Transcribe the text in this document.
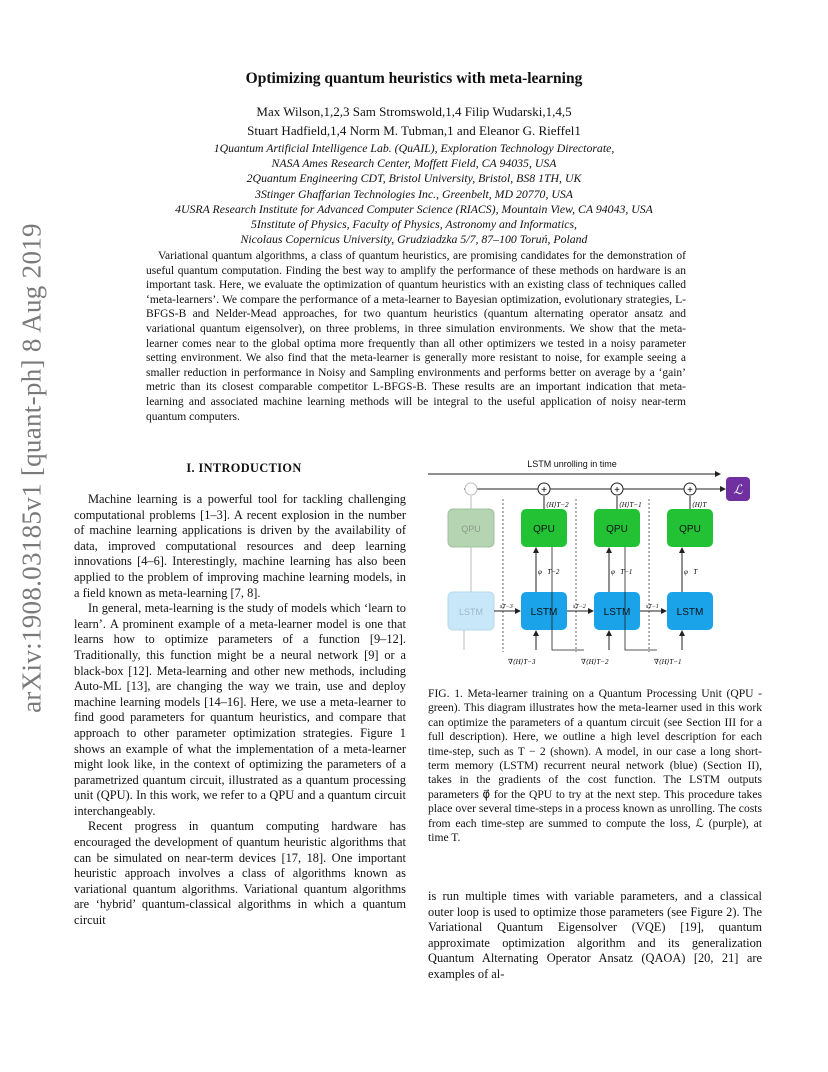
arXiv:1908.03185v1 [quant-ph] 8 Aug 2019
Optimizing quantum heuristics with meta-learning
Max Wilson,1,2,3 Sam Stromswold,1,4 Filip Wudarski,1,4,5
Stuart Hadfield,1,4 Norm M. Tubman,1 and Eleanor G. Rieffel1
1Quantum Artificial Intelligence Lab. (QuAIL), Exploration Technology Directorate,
NASA Ames Research Center, Moffett Field, CA 94035, USA
2Quantum Engineering CDT, Bristol University, Bristol, BS8 1TH, UK
3Stinger Ghaffarian Technologies Inc., Greenbelt, MD 20770, USA
4USRA Research Institute for Advanced Computer Science (RIACS), Mountain View, CA 94043, USA
5Institute of Physics, Faculty of Physics, Astronomy and Informatics,
Nicolaus Copernicus University, Grudziadzka 5/7, 87–100 Toruń, Poland
Variational quantum algorithms, a class of quantum heuristics, are promising candidates for the demonstration of useful quantum computation. Finding the best way to amplify the performance of these methods on hardware is an important task. Here, we evaluate the optimization of quantum heuristics with an existing class of techniques called ‘meta-learners’. We compare the performance of a meta-learner to Bayesian optimization, evolutionary strategies, L-BFGS-B and Nelder-Mead approaches, for two quantum heuristics (quantum alternating operator ansatz and variational quantum eigensolver), on three problems, in three simulation environments. We show that the meta-learner comes near to the global optima more frequently than all other optimizers we tested in a noisy parameter setting environment. We also find that the meta-learner is generally more resistant to noise, for example seeing a smaller reduction in performance in Noisy and Sampling environments and performs better on average by a ‘gain’ metric than its closest comparable competitor L-BFGS-B. These results are an important indication that meta-learning and associated machine learning methods will be integral to the useful application of noisy near-term quantum computers.
I. INTRODUCTION

Machine learning is a powerful tool for tackling challenging computational problems [1–3]. A recent explosion in the number of machine learning applications is driven by the availability of data, improved computational resources and deep learning innovations [4–6]. Interestingly, machine learning has also been applied to the problem of improving machine learning models, in a field known as meta-learning [7, 8].

In general, meta-learning is the study of models which ‘learn to learn’. A prominent example of a meta-learner model is one that learns how to optimize parameters of a function [9–12]. Traditionally, this function might be a neural network [9] or a black-box [12]. Meta-learning and other new methods, including Auto-ML [13], are changing the way we train, use and deploy machine learning models [14–16]. Here, we use a meta-learner to find good parameters for quantum heuristics, and compare that approach to other parameter optimization strategies. Figure 1 shows an example of what the implementation of a meta-learner might look like, in the context of optimizing the parameters of a parametrized quantum circuit, illustrated as a quantum processing unit (QPU). In this work, we refer to a QPU and a quantum circuit interchangeably.

Recent progress in quantum computing hardware has encouraged the development of quantum heuristic algorithms that can be simulated on near-term devices [17, 18]. One important heuristic approach involves a class of algorithms known as variational quantum algorithms. Variational quantum algorithms are ‘hybrid’ quantum-classical algorithms in which a quantum circuit

LSTM unrolling in time
ℒ
QPU
LSTM
+
⟨H⟩T−2
QPU
φ⃗T−2
LSTM
sT−3
∇⟨H⟩T−3
+
⟨H⟩T−1
QPU
φ⃗T−1
LSTM
sT−2
∇⟨H⟩T−2
+
⟨H⟩T
QPU
φ⃗T
LSTM
sT−1
∇⟨H⟩T−1
FIG. 1. Meta-learner training on a Quantum Processing Unit (QPU - green). This diagram illustrates how the meta-learner used in this work can optimize the parameters of a quantum circuit (see Section III for a full description). Here, we outline a high level description for each time-step, such as T − 2 (shown). A model, in our case a long short-term memory (LSTM) recurrent neural network (blue) (Section II), takes in the gradients of the cost function. The LSTM outputs parameters φ⃗ for the QPU to try at the next step. This procedure takes place over several time-steps in a process known as unrolling. The costs from each time-step are summed to compute the loss, ℒ (purple), at time T.

is run multiple times with variable parameters, and a classical outer loop is used to optimize those parameters (see Figure 2). The Variational Quantum Eigensolver (VQE) [19], quantum approximate optimization algorithm and its generalization Quantum Alternating Operator Ansatz (QAOA) [20, 21] are examples of al-
